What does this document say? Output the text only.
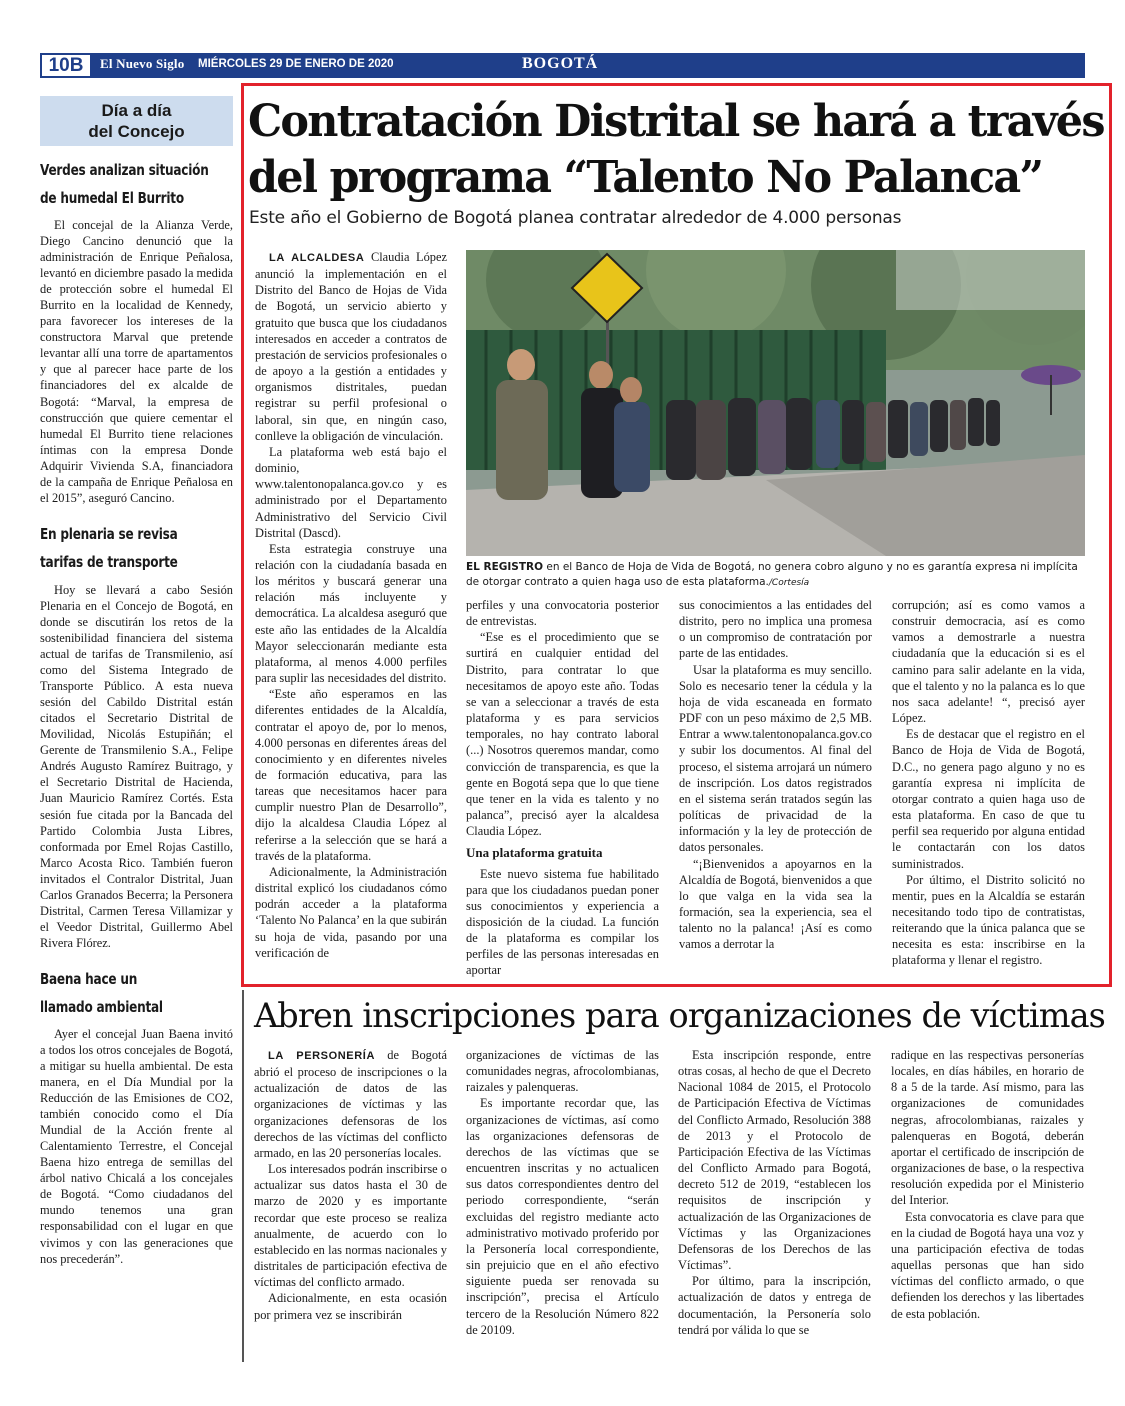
10B	El Nuevo Siglo MIÉRCOLES 29 DE ENERO DE 2020	BOGOTÁ
Día a día
del Concejo
Verdes analizan situación
de humedal El Burrito

El concejal de la Alianza Verde, Diego Cancino denunció que la administración de Enrique Peñalosa, levantó en diciembre pasado la medida de protección sobre el humedal El Burrito en la localidad de Kennedy, para favorecer los intereses de la constructora Marval que pretende levantar allí una torre de apartamentos y que al parecer hace parte de los financiadores del ex alcalde de Bogotá: “Marval, la empresa de construcción que quiere cementar el humedal El Burrito tiene relaciones íntimas con la empresa Donde Adquirir Vivienda S.A, financiadora de la campaña de Enrique Peñalosa en el 2015”, aseguró Cancino.

En plenaria se revisa
tarifas de transporte

Hoy se llevará a cabo Sesión Plenaria en el Concejo de Bogotá, en donde se discutirán los retos de la sostenibilidad financiera del sistema actual de tarifas de Transmilenio, así como del Sistema Integrado de Transporte Público. A esta nueva sesión del Cabildo Distrital están citados el Secretario Distrital de Movilidad, Nicolás Estupiñán; el Gerente de Transmilenio S.A., Felipe Andrés Augusto Ramírez Buitrago, y el Secretario Distrital de Hacienda, Juan Mauricio Ramírez Cortés. Esta sesión fue citada por la Bancada del Partido Colombia Justa Libres, conformada por Emel Rojas Castillo, Marco Acosta Rico. También fueron invitados el Contralor Distrital, Juan Carlos Granados Becerra; la Personera Distrital, Carmen Teresa Villamizar y el Veedor Distrital, Guillermo Abel Rivera Flórez.

Baena hace un
llamado ambiental

Ayer el concejal Juan Baena invitó a todos los otros concejales de Bogotá, a mitigar su huella ambiental. De esta manera, en el Día Mundial por la Reducción de las Emisiones de CO2, también conocido como el Día Mundial de la Acción frente al Calentamiento Terrestre, el Concejal Baena hizo entrega de semillas del árbol nativo Chicalá a los concejales de Bogotá. “Como ciudadanos del mundo tenemos una gran responsabilidad con el lugar en que vivimos y con las generaciones que nos precederán”.

Contratación Distrital se hará a través
del programa “Talento No Palanca”
Este año el Gobierno de Bogotá planea contratar alrededor de 4.000 personas

LA ALCALDESA Claudia López anunció la implementación en el Distrito del Banco de Hojas de Vida de Bogotá, un servicio abierto y gratuito que busca que los ciudadanos interesados en acceder a contratos de prestación de servicios profesionales o de apoyo a la gestión a entidades y organismos distritales, puedan registrar su perfil profesional o laboral, sin que, en ningún caso, conlleve la obligación de vinculación.

La plataforma web está bajo el dominio, www.talentonopalanca.gov.co y es administrado por el Departamento Administrativo del Servicio Civil Distrital (Dascd).

Esta estrategia construye una relación con la ciudadanía basada en los méritos y buscará generar una relación más incluyente y democrática. La alcaldesa aseguró que este año las entidades de la Alcaldía Mayor seleccionarán mediante esta plataforma, al menos 4.000 perfiles para suplir las necesidades del distrito.

“Este año esperamos en las diferentes entidades de la Alcaldía, contratar el apoyo de, por lo menos, 4.000 personas en diferentes áreas del conocimiento y en diferentes niveles de formación educativa, para las tareas que necesitamos hacer para cumplir nuestro Plan de Desarrollo”, dijo la alcaldesa Claudia López al referirse a la selección que se hará a través de la plataforma.

Adicionalmente, la Administración distrital explicó los ciudadanos cómo podrán acceder a la plataforma ‘Talento No Palanca’ en la que subirán su hoja de vida, pasando por una verificación de

EL REGISTRO en el Banco de Hoja de Vida de Bogotá, no genera cobro alguno y no es garantía expresa ni implícita de otorgar contrato a quien haga uso de esta plataforma./Cortesía

perfiles y una convocatoria posterior de entrevistas.

“Ese es el procedimiento que se surtirá en cualquier entidad del Distrito, para contratar lo que necesitamos de apoyo este año. Todas se van a seleccionar a través de esta plataforma y es para servicios temporales, no hay contrato laboral (...) Nosotros queremos mandar, como convicción de transparencia, es que la gente en Bogotá sepa que lo que tiene que tener en la vida es talento y no palanca”, precisó ayer la alcaldesa Claudia López.

Una plataforma gratuita

Este nuevo sistema fue habilitado para que los ciudadanos puedan poner sus conocimientos y experiencia a disposición de la ciudad. La función de la plataforma es compilar los perfiles de las personas interesadas en aportar

sus conocimientos a las entidades del distrito, pero no implica una promesa o un compromiso de contratación por parte de las entidades.

Usar la plataforma es muy sencillo. Solo es necesario tener la cédula y la hoja de vida escaneada en formato PDF con un peso máximo de 2,5 MB. Entrar a www.talentonopalanca.gov.co y subir los documentos. Al final del proceso, el sistema arrojará un número de inscripción. Los datos registrados en el sistema serán tratados según las políticas de privacidad de la información y la ley de protección de datos personales.

“¡Bienvenidos a apoyarnos en la Alcaldía de Bogotá, bienvenidos a que lo que valga en la vida sea la formación, sea la experiencia, sea el talento no la palanca! ¡Así es como vamos a derrotar la

corrupción; así es como vamos a construir democracia, así es como vamos a demostrarle a nuestra ciudadanía que la educación si es el camino para salir adelante en la vida, que el talento y no la palanca es lo que nos saca adelante! “, precisó ayer López.

Es de destacar que el registro en el Banco de Hoja de Vida de Bogotá, D.C., no genera pago alguno y no es garantía expresa ni implícita de otorgar contrato a quien haga uso de esta plataforma. En caso de que tu perfil sea requerido por alguna entidad le contactarán con los datos suministrados.

Por último, el Distrito solicitó no mentir, pues en la Alcaldía se estarán necesitando todo tipo de contratistas, reiterando que la única palanca que se necesita es esta: inscribirse en la plataforma y llenar el registro.

Abren inscripciones para organizaciones de víctimas

LA PERSONERÍA de Bogotá abrió el proceso de inscripciones o la actualización de datos de las organizaciones de víctimas y las organizaciones defensoras de los derechos de las víctimas del conflicto armado, en las 20 personerías locales.

Los interesados podrán inscribirse o actualizar sus datos hasta el 30 de marzo de 2020 y es importante recordar que este proceso se realiza anualmente, de acuerdo con lo establecido en las normas nacionales y distritales de participación efectiva de víctimas del conflicto armado.

Adicionalmente, en esta ocasión por primera vez se inscribirán

organizaciones de víctimas de las comunidades negras, afrocolombianas, raizales y palenqueras.

Es importante recordar que, las organizaciones de víctimas, así como las organizaciones defensoras de derechos de las víctimas que se encuentren inscritas y no actualicen sus datos correspondientes dentro del periodo correspondiente, “serán excluidas del registro mediante acto administrativo motivado proferido por la Personería local correspondiente, sin prejuicio que en el año efectivo siguiente pueda ser renovada su inscripción”, precisa el Artículo tercero de la Resolución Número 822 de 20109.

Esta inscripción responde, entre otras cosas, al hecho de que el Decreto Nacional 1084 de 2015, el Protocolo de Participación Efectiva de Víctimas del Conflicto Armado, Resolución 388 de 2013 y el Protocolo de Participación Efectiva de las Víctimas del Conflicto Armado para Bogotá, decreto 512 de 2019, “establecen los requisitos de inscripción y actualización de las Organizaciones de Víctimas y las Organizaciones Defensoras de los Derechos de las Víctimas”.

Por último, para la inscripción, actualización de datos y entrega de documentación, la Personería solo tendrá por válida lo que se

radique en las respectivas personerías locales, en días hábiles, en horario de 8 a 5 de la tarde. Así mismo, para las organizaciones de comunidades negras, afrocolombianas, raizales y palenqueras en Bogotá, deberán aportar el certificado de inscripción de organizaciones de base, o la respectiva resolución expedida por el Ministerio del Interior.

Esta convocatoria es clave para que en la ciudad de Bogotá haya una voz y una participación efectiva de todas aquellas personas que han sido víctimas del conflicto armado, o que defienden los derechos y las libertades de esta población.
